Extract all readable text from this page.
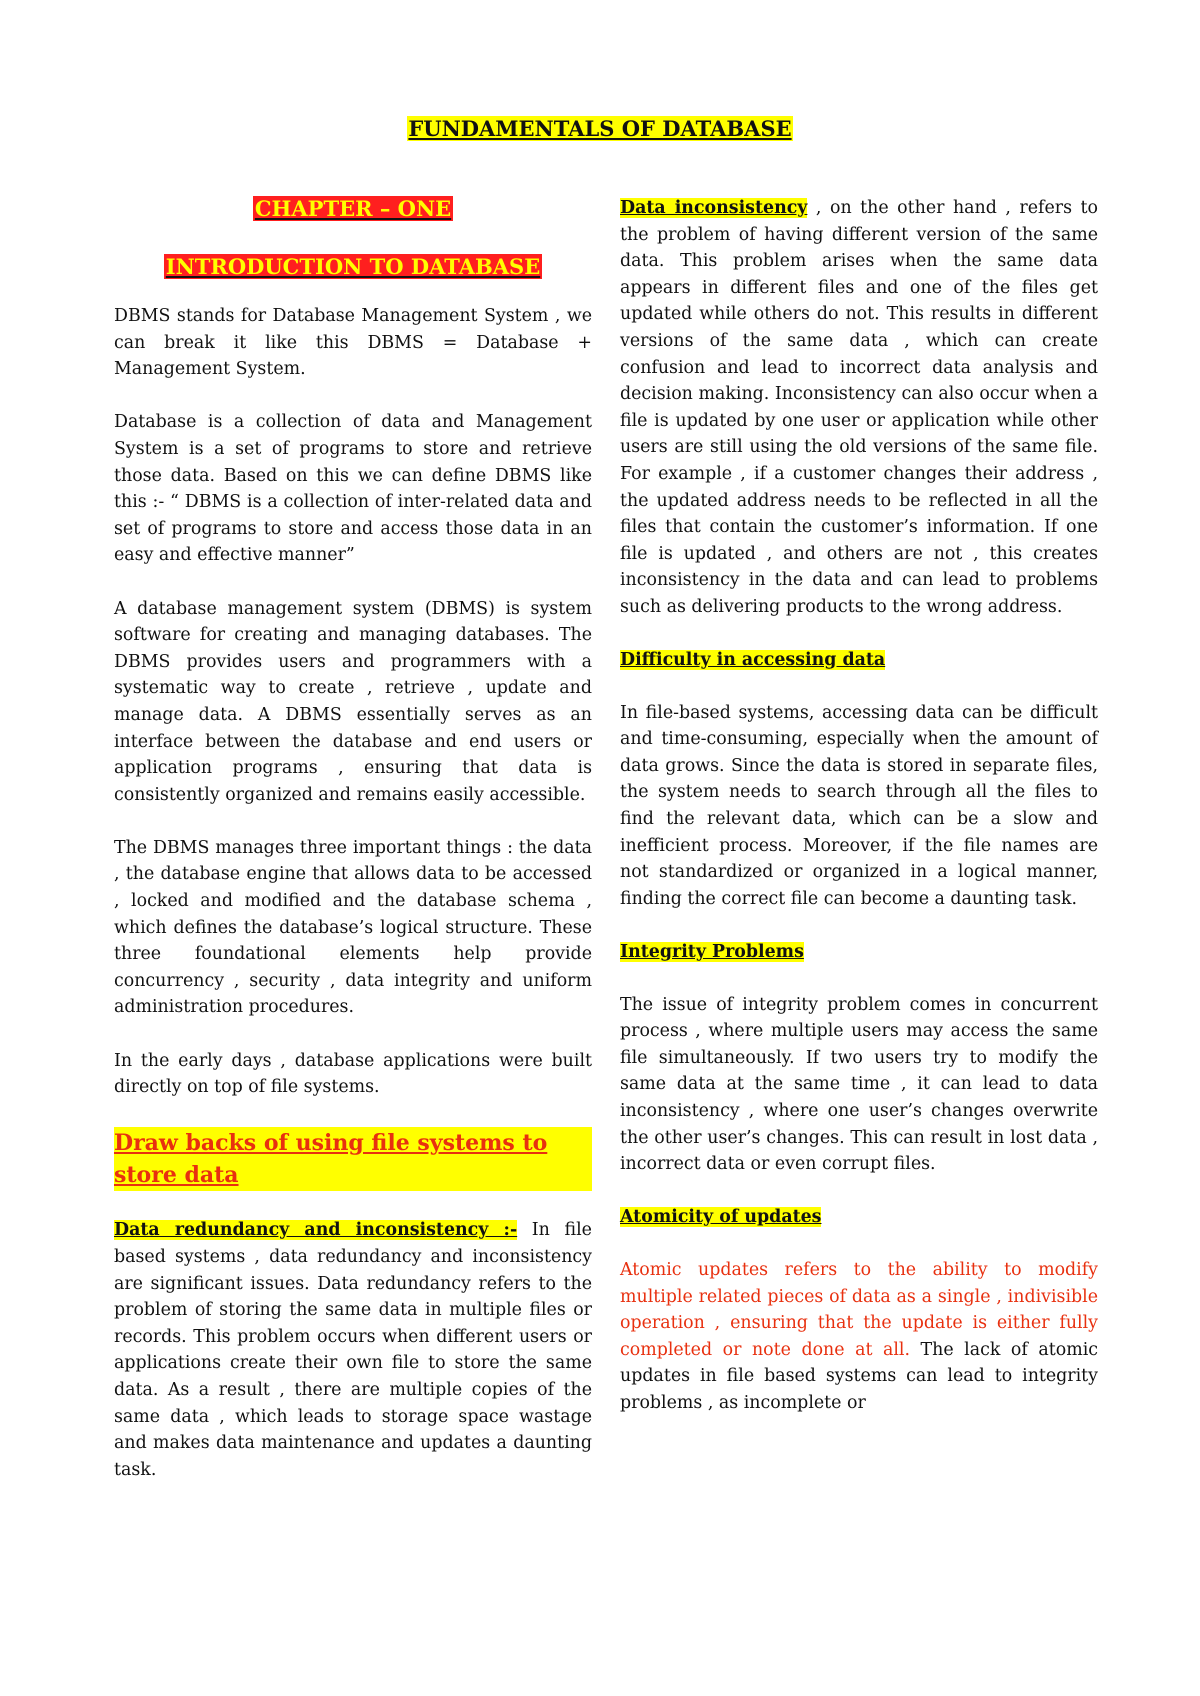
FUNDAMENTALS OF DATABASE
CHAPTER – ONE
INTRODUCTION TO DATABASE

DBMS stands for Database Management System , we can break it like this DBMS = Database + Management System.

Database is a collection of data and Management System is a set of programs to store and retrieve those data. Based on this we can define DBMS like this :- “ DBMS is a collection of inter-related data and set of programs to store and access those data in an easy and effective manner”

A database management system (DBMS) is system software for creating and managing databases. The DBMS provides users and programmers with a systematic way to create , retrieve , update and manage data. A DBMS essentially serves as an interface between the database and end users or application programs , ensuring that data is consistently organized and remains easily accessible.

The DBMS manages three important things : the data , the database engine that allows data to be accessed , locked and modified and the database schema , which defines the database’s logical structure. These three foundational elements help provide concurrency , security , data integrity and uniform administration procedures.

In the early days , database applications were built directly on top of file systems.

Draw backs of using file systems to store data

Data redundancy and inconsistency :- In file based systems , data redundancy and inconsistency are significant issues. Data redundancy refers to the problem of storing the same data in multiple files or records. This problem occurs when different users or applications create their own file to store the same data. As a result , there are multiple copies of the same data , which leads to storage space wastage and makes data maintenance and updates a daunting task.

Data inconsistency , on the other hand , refers to the problem of having different version of the same data. This problem arises when the same data appears in different files and one of the files get updated while others do not. This results in different versions of the same data , which can create confusion and lead to incorrect data analysis and decision making. Inconsistency can also occur when a file is updated by one user or application while other users are still using the old versions of the same file. For example , if a customer changes their address , the updated address needs to be reflected in all the files that contain the customer’s information. If one file is updated , and others are not , this creates inconsistency in the data and can lead to problems such as delivering products to the wrong address.

Difficulty in accessing data

In file-based systems, accessing data can be difficult and time-consuming, especially when the amount of data grows. Since the data is stored in separate files, the system needs to search through all the files to find the relevant data, which can be a slow and inefficient process. Moreover, if the file names are not standardized or organized in a logical manner, finding the correct file can become a daunting task.

Integrity Problems

The issue of integrity problem comes in concurrent process , where multiple users may access the same file simultaneously. If two users try to modify the same data at the same time , it can lead to data inconsistency , where one user’s changes overwrite the other user’s changes. This can result in lost data , incorrect data or even corrupt files.

Atomicity of updates

Atomic updates refers to the ability to modify multiple related pieces of data as a single , indivisible operation , ensuring that the update is either fully completed or note done at all. The lack of atomic updates in file based systems can lead to integrity problems , as incomplete or
